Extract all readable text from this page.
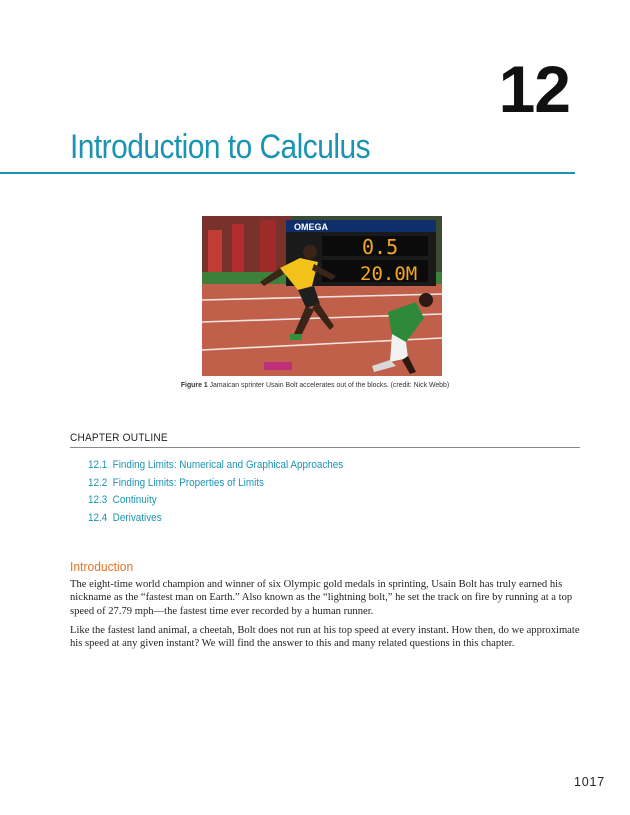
12
Introduction to Calculus
OMEGA
0.5
20.0M
Figure 1 Jamaican sprinter Usain Bolt accelerates out of the blocks. (credit: Nick Webb)
CHAPTER OUTLINE
12.1 Finding Limits: Numerical and Graphical Approaches
12.2 Finding Limits: Properties of Limits
12.3 Continuity
12.4 Derivatives
Introduction

The eight-time world champion and winner of six Olympic gold medals in sprinting, Usain Bolt has truly earned his nickname as the “fastest man on Earth.” Also known as the “lightning bolt,” he set the track on fire by running at a top speed of 27.79 mph—the fastest time ever recorded by a human runner.

Like the fastest land animal, a cheetah, Bolt does not run at his top speed at every instant. How then, do we approximate his speed at any given instant? We will find the answer to this and many related questions in this chapter.

1017
